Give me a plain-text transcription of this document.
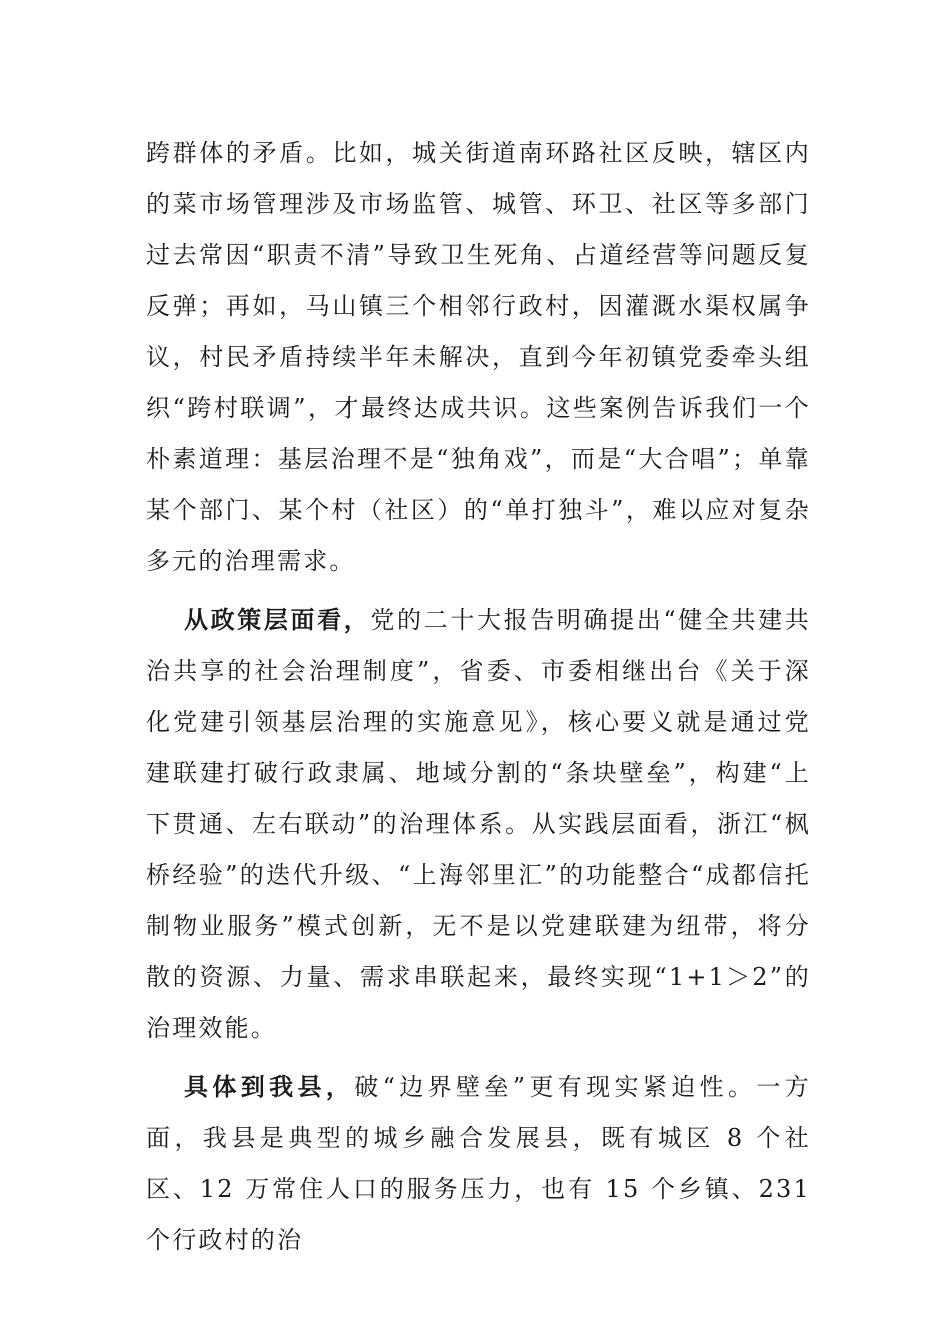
跨群体的矛盾。比如，城关街道南环路社区反映，辖区内的菜市场管理涉及市场监管、城管、环卫、社区等多部门过去常因“职责不清”导致卫生死角、占道经营等问题反复反弹；再如，马山镇三个相邻行政村，因灌溉水渠权属争议，村民矛盾持续半年未解决，直到今年初镇党委牵头组织“跨村联调”，才最终达成共识。这些案例告诉我们一个朴素道理：基层治理不是“独角戏”，而是“大合唱”；单靠某个部门、某个村（社区）的“单打独斗”，难以应对复杂多元的治理需求。

从政策层面看，党的二十大报告明确提出“健全共建共治共享的社会治理制度”，省委、市委相继出台《关于深化党建引领基层治理的实施意见》，核心要义就是通过党建联建打破行政隶属、地域分割的“条块壁垒”，构建“上下贯通、左右联动”的治理体系。从实践层面看，浙江“枫桥经验”的迭代升级、“上海邻里汇”的功能整合“成都信托制物业服务”模式创新，无不是以党建联建为纽带，将分散的资源、力量、需求串联起来，最终实现“1+1＞2”的治理效能。

具体到我县，破“边界壁垒”更有现实紧迫性。一方面，我县是典型的城乡融合发展县，既有城区 8 个社区、12 万常住人口的服务压力，也有 15 个乡镇、231 个行政村的治
